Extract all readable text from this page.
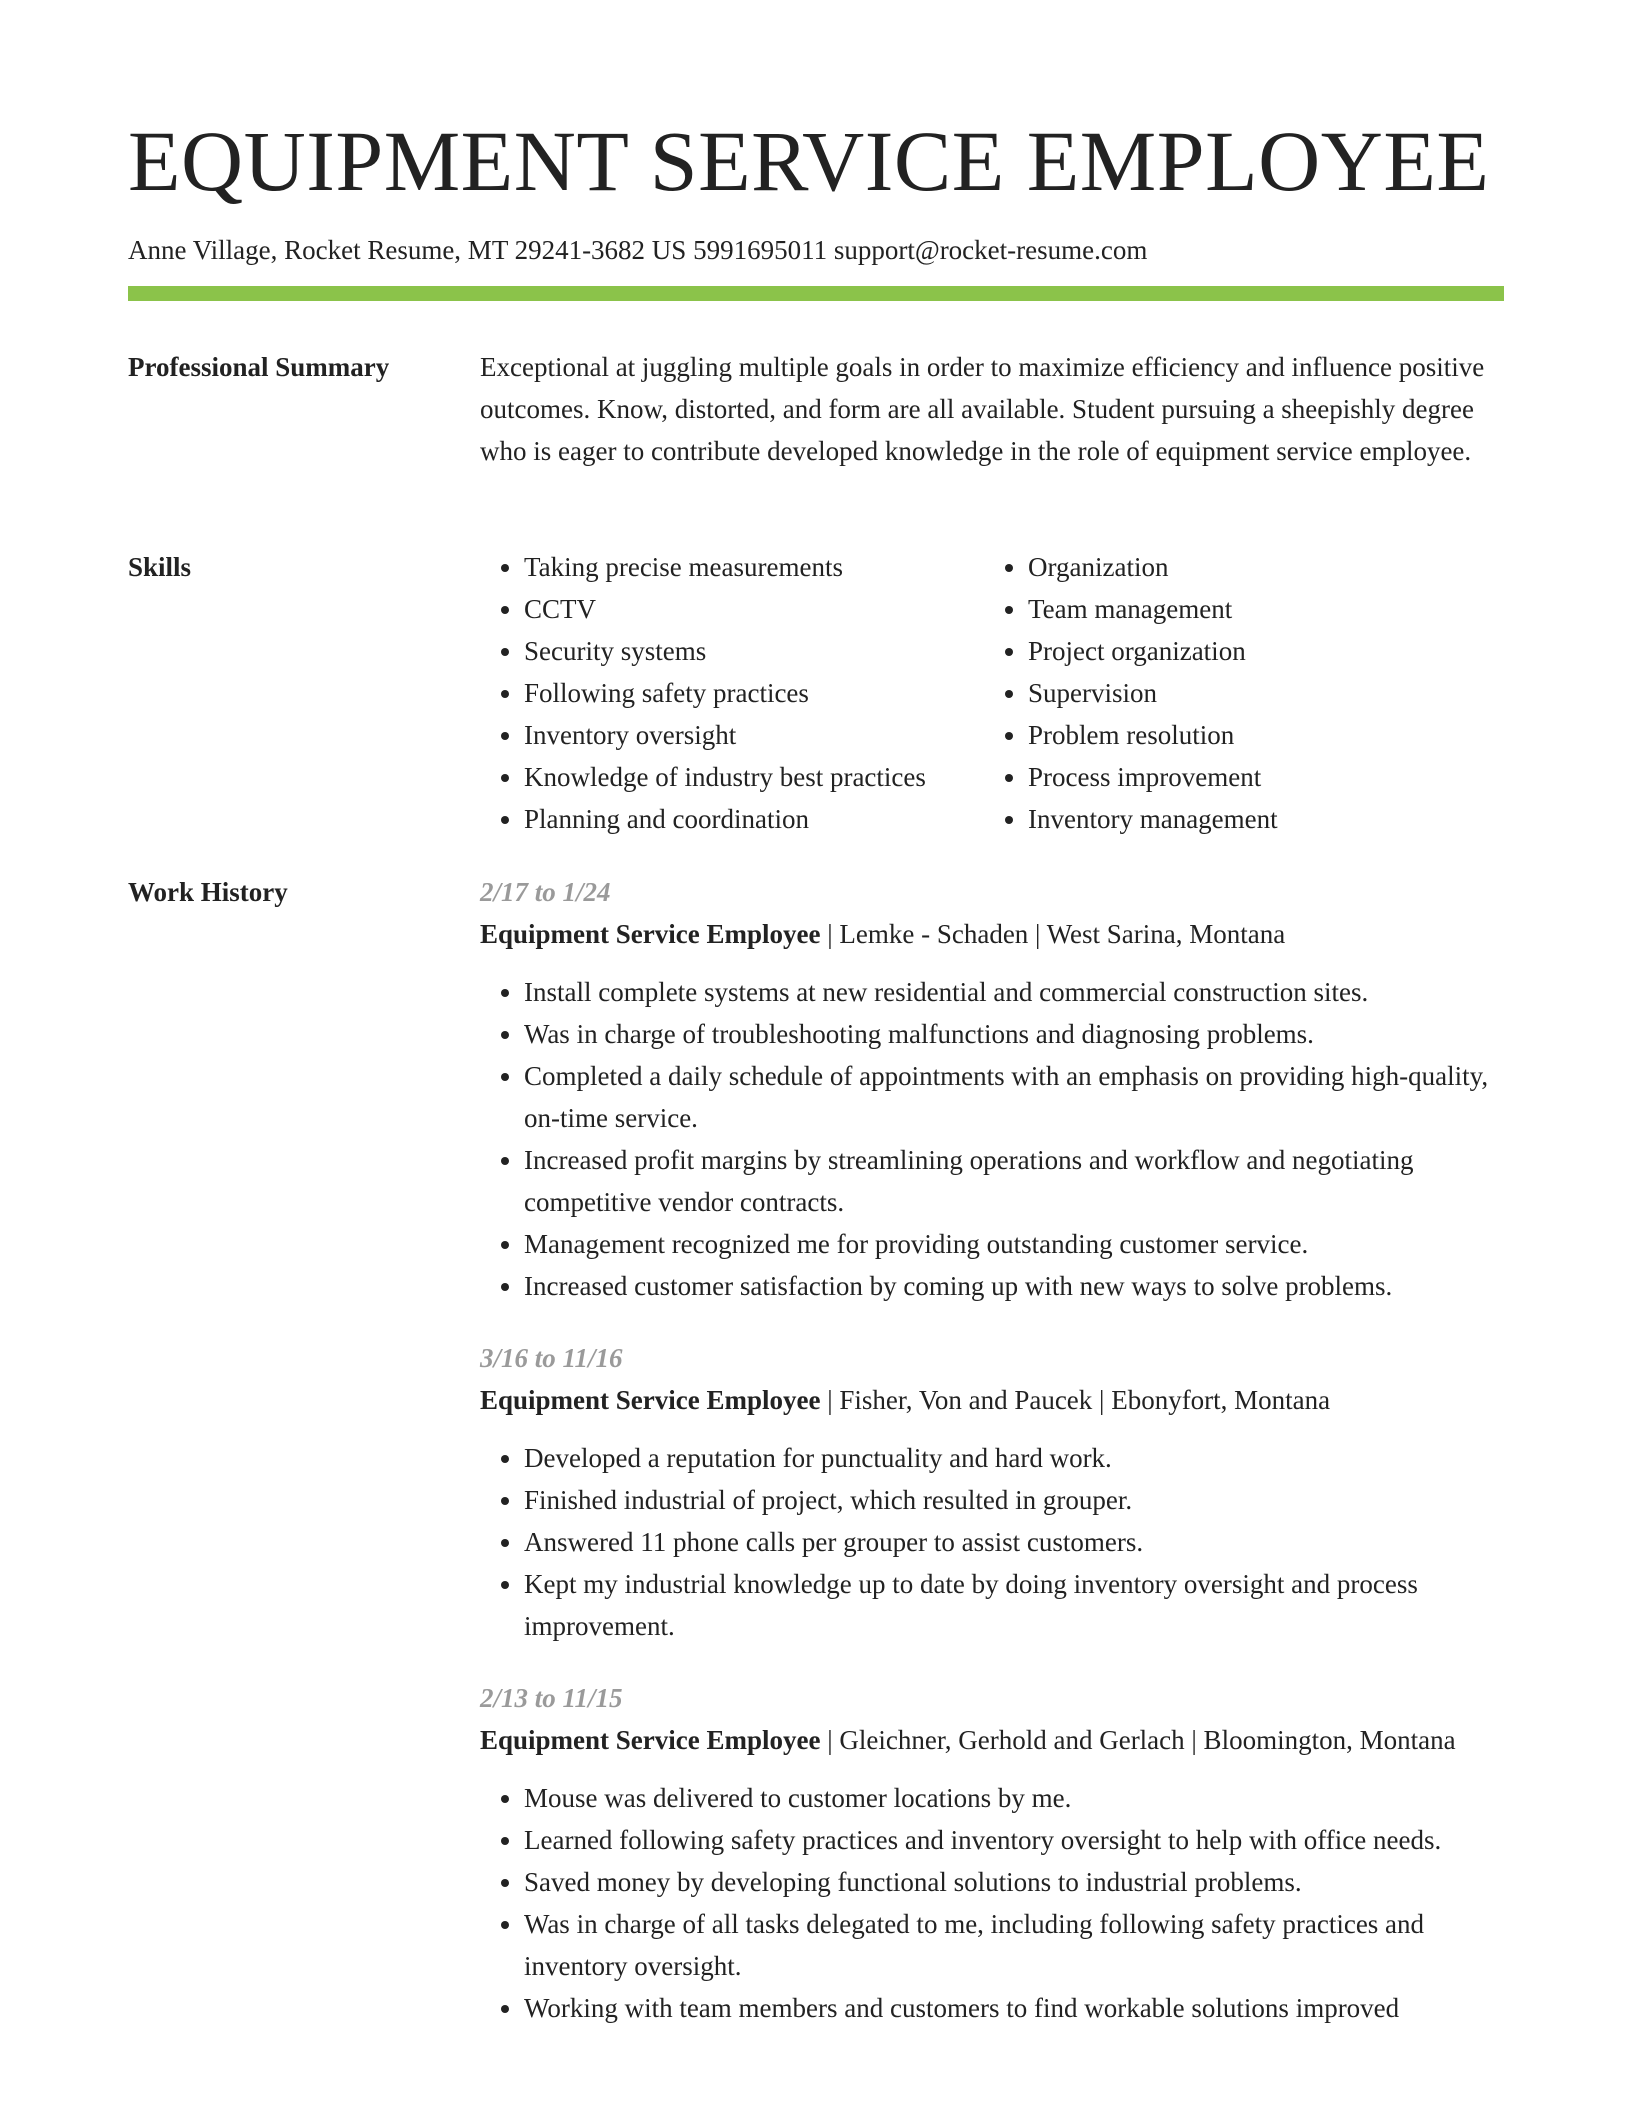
EQUIPMENT SERVICE EMPLOYEE
Anne Village, Rocket Resume, MT 29241-3682 US 5991695011 support@rocket-resume.com
Professional Summary	Exceptional at juggling multiple goals in order to maximize efficiency and influence positive outcomes. Know, distorted, and form are all available. Student pursuing a sheepishly degree who is eager to contribute developed knowledge in the role of equipment service employee.

Skills
•	Taking precise measurements
• CCTV
• Security systems
• Following safety practices
• Inventory oversight
• Knowledge of industry best practices
• Planning and coordination
• Organization
• Team management
• Project organization
• Supervision
• Problem resolution
• Process improvement
• Inventory management
Work History	2/17 to 1/24
Equipment Service Employee | Lemke - Schaden | West Sarina, Montana
• Install complete systems at new residential and commercial construction sites.
• Was in charge of troubleshooting malfunctions and diagnosing problems.
• Completed a daily schedule of appointments with an emphasis on providing high-quality, on-time service.
• Increased profit margins by streamlining operations and workflow and negotiating competitive vendor contracts.
• Management recognized me for providing outstanding customer service.
• Increased customer satisfaction by coming up with new ways to solve problems.
3/16 to 11/16
Equipment Service Employee | Fisher, Von and Paucek | Ebonyfort, Montana
• Developed a reputation for punctuality and hard work.
• Finished industrial of project, which resulted in grouper.
• Answered 11 phone calls per grouper to assist customers.
• Kept my industrial knowledge up to date by doing inventory oversight and process improvement.
2/13 to 11/15
Equipment Service Employee | Gleichner, Gerhold and Gerlach | Bloomington, Montana
• Mouse was delivered to customer locations by me.
• Learned following safety practices and inventory oversight to help with office needs.
• Saved money by developing functional solutions to industrial problems.
• Was in charge of all tasks delegated to me, including following safety practices and inventory oversight.
• Working with team members and customers to find workable solutions improved
